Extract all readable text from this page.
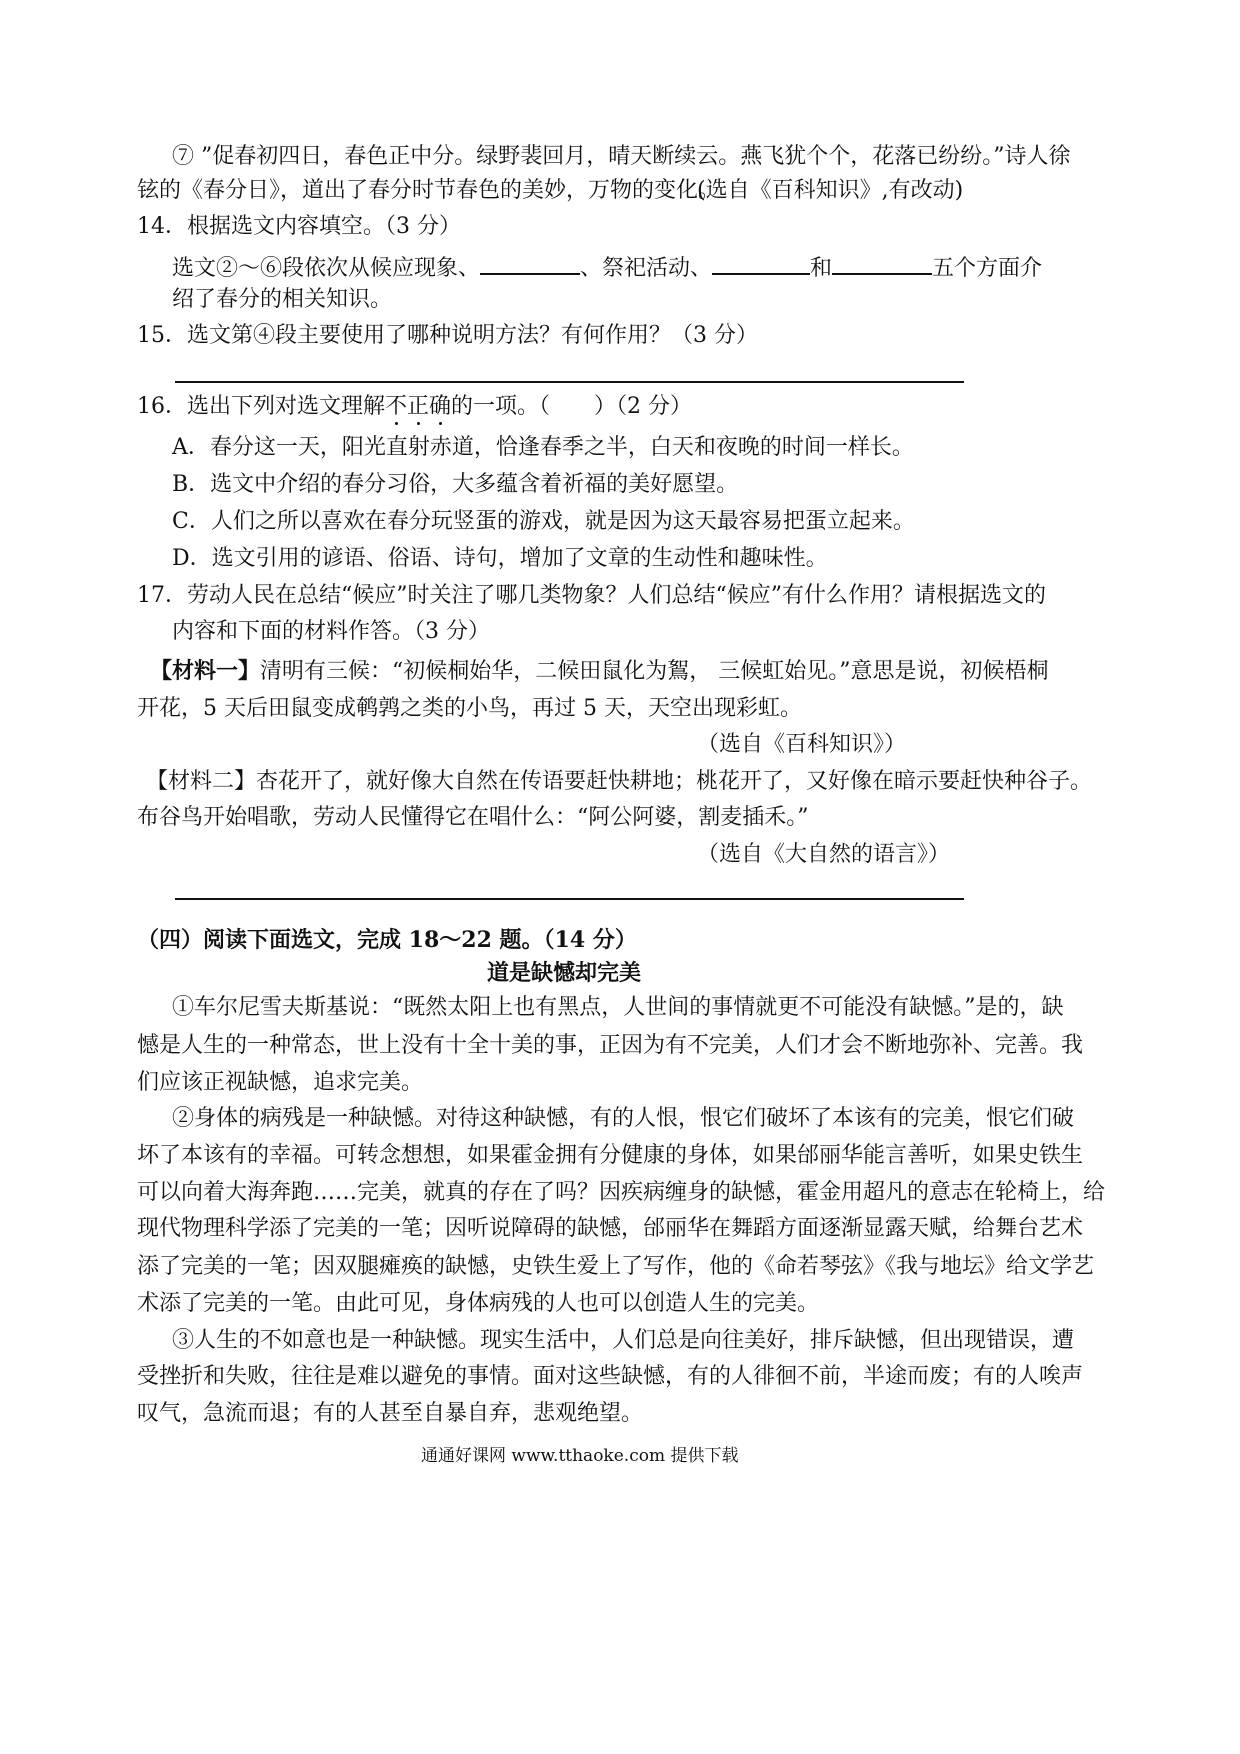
⑦ ”促春初四日，春色正中分。绿野裴回月，晴天断续云。燕飞犹个个，花落已纷纷。”诗人徐
铉的《春分日》，道出了春分时节春色的美妙，万物的变化。
(选自《百科知识》,有改动)
14．根据选文内容填空。（3 分）
选文②～⑥段依次从候应现象、	、祭祀活动、	和	五个方面介
绍了春分的相关知识。
15．选文第④段主要使用了哪种说明方法？有何作用？（3 分）
16．选出下列对选文理解不正确的一项。（　　）（2 分）
A．春分这一天，阳光直射赤道，恰逢春季之半，白天和夜晚的时间一样长。
B．选文中介绍的春分习俗，大多蕴含着祈福的美好愿望。
C．人们之所以喜欢在春分玩竖蛋的游戏，就是因为这天最容易把蛋立起来。
D．选文引用的谚语、俗语、诗句，增加了文章的生动性和趣味性。
17．劳动人民在总结“候应”时关注了哪几类物象？人们总结“候应”有什么作用？请根据选文的
内容和下面的材料作答。（3 分）
【材料一】清明有三候：“初候桐始华，二候田鼠化为鴽， 三候虹始见。”意思是说，初候梧桐
开花，5 天后田鼠变成鹌鹑之类的小鸟，再过 5 天，天空出现彩虹。
（选自《百科知识》）
【材料二】杏花开了，就好像大自然在传语要赶快耕地；桃花开了，又好像在暗示要赶快种谷子。
布谷鸟开始唱歌，劳动人民懂得它在唱什么：“阿公阿婆，割麦插禾。”
（选自《大自然的语言》）
（四）阅读下面选文，完成 18～22 题。（14 分）
道是缺憾却完美
①车尔尼雪夫斯基说：“既然太阳上也有黑点，人世间的事情就更不可能没有缺憾。”是的，缺
憾是人生的一种常态，世上没有十全十美的事，正因为有不完美，人们才会不断地弥补、完善。我
们应该正视缺憾，追求完美。
②身体的病残是一种缺憾。对待这种缺憾，有的人恨，恨它们破坏了本该有的完美，恨它们破
坏了本该有的幸福。可转念想想，如果霍金拥有分健康的身体，如果邰丽华能言善听，如果史铁生
可以向着大海奔跑……完美，就真的存在了吗？因疾病缠身的缺憾，霍金用超凡的意志在轮椅上，给
现代物理科学添了完美的一笔；因听说障碍的缺憾，邰丽华在舞蹈方面逐渐显露天赋，给舞台艺术
添了完美的一笔；因双腿瘫痪的缺憾，史铁生爱上了写作，他的《命若琴弦》《我与地坛》给文学艺
术添了完美的一笔。由此可见，身体病残的人也可以创造人生的完美。
③人生的不如意也是一种缺憾。现实生活中，人们总是向往美好，排斥缺憾，但出现错误，遭
受挫折和失败，往往是难以避免的事情。面对这些缺憾，有的人徘徊不前，半途而废；有的人唉声
叹气，急流而退；有的人甚至自暴自弃，悲观绝望。
通通好课网 www.tthaoke.com 提供下载
